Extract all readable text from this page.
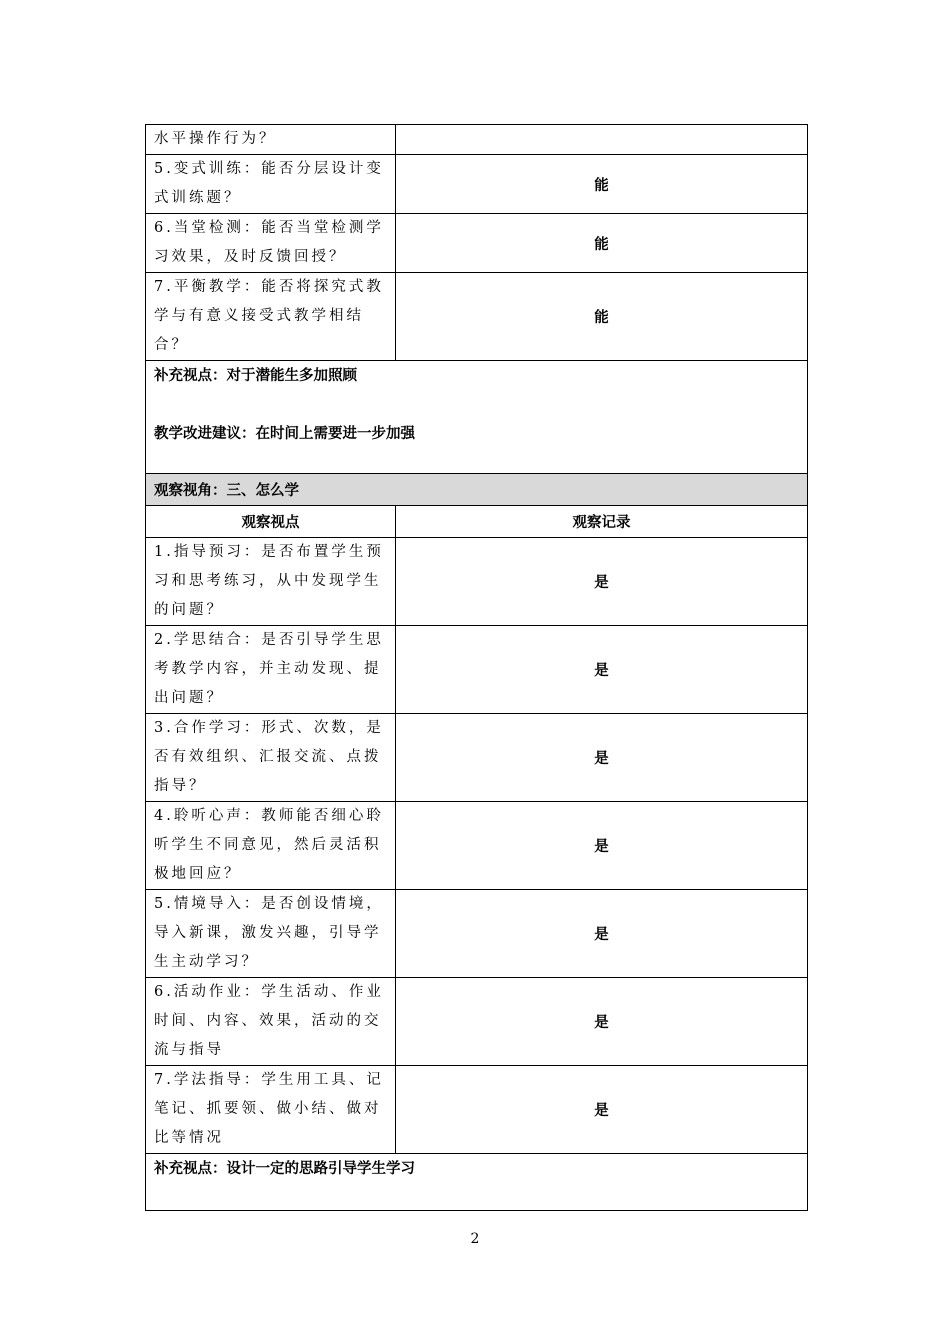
水平操作行为？	
5.变式训练：能否分层设计变式训练题？	能
6.当堂检测：能否当堂检测学习效果，及时反馈回授？	能
7.平衡教学：能否将探究式教学与有意义接受式教学相结合？	能

补充视点：对于潜能生多加照顾

教学改进建议：在时间上需要进一步加强	

观察视角：三、怎么学	
观察视点	观察记录
1.指导预习：是否布置学生预习和思考练习，从中发现学生的问题？	是
2.学思结合：是否引导学生思考教学内容，并主动发现、提出问题？	是
3.合作学习：形式、次数，是否有效组织、汇报交流、点拨指导？	是
4.聆听心声：教师能否细心聆听学生不同意见，然后灵活积极地回应？	是
5.情境导入：是否创设情境，导入新课，激发兴趣，引导学生主动学习？	是
6.活动作业：学生活动、作业时间、内容、效果，活动的交流与指导	是
7.学法指导：学生用工具、记笔记、抓要领、做小结、做对比等情况	是

补充视点：设计一定的思路引导学生学习	

2
